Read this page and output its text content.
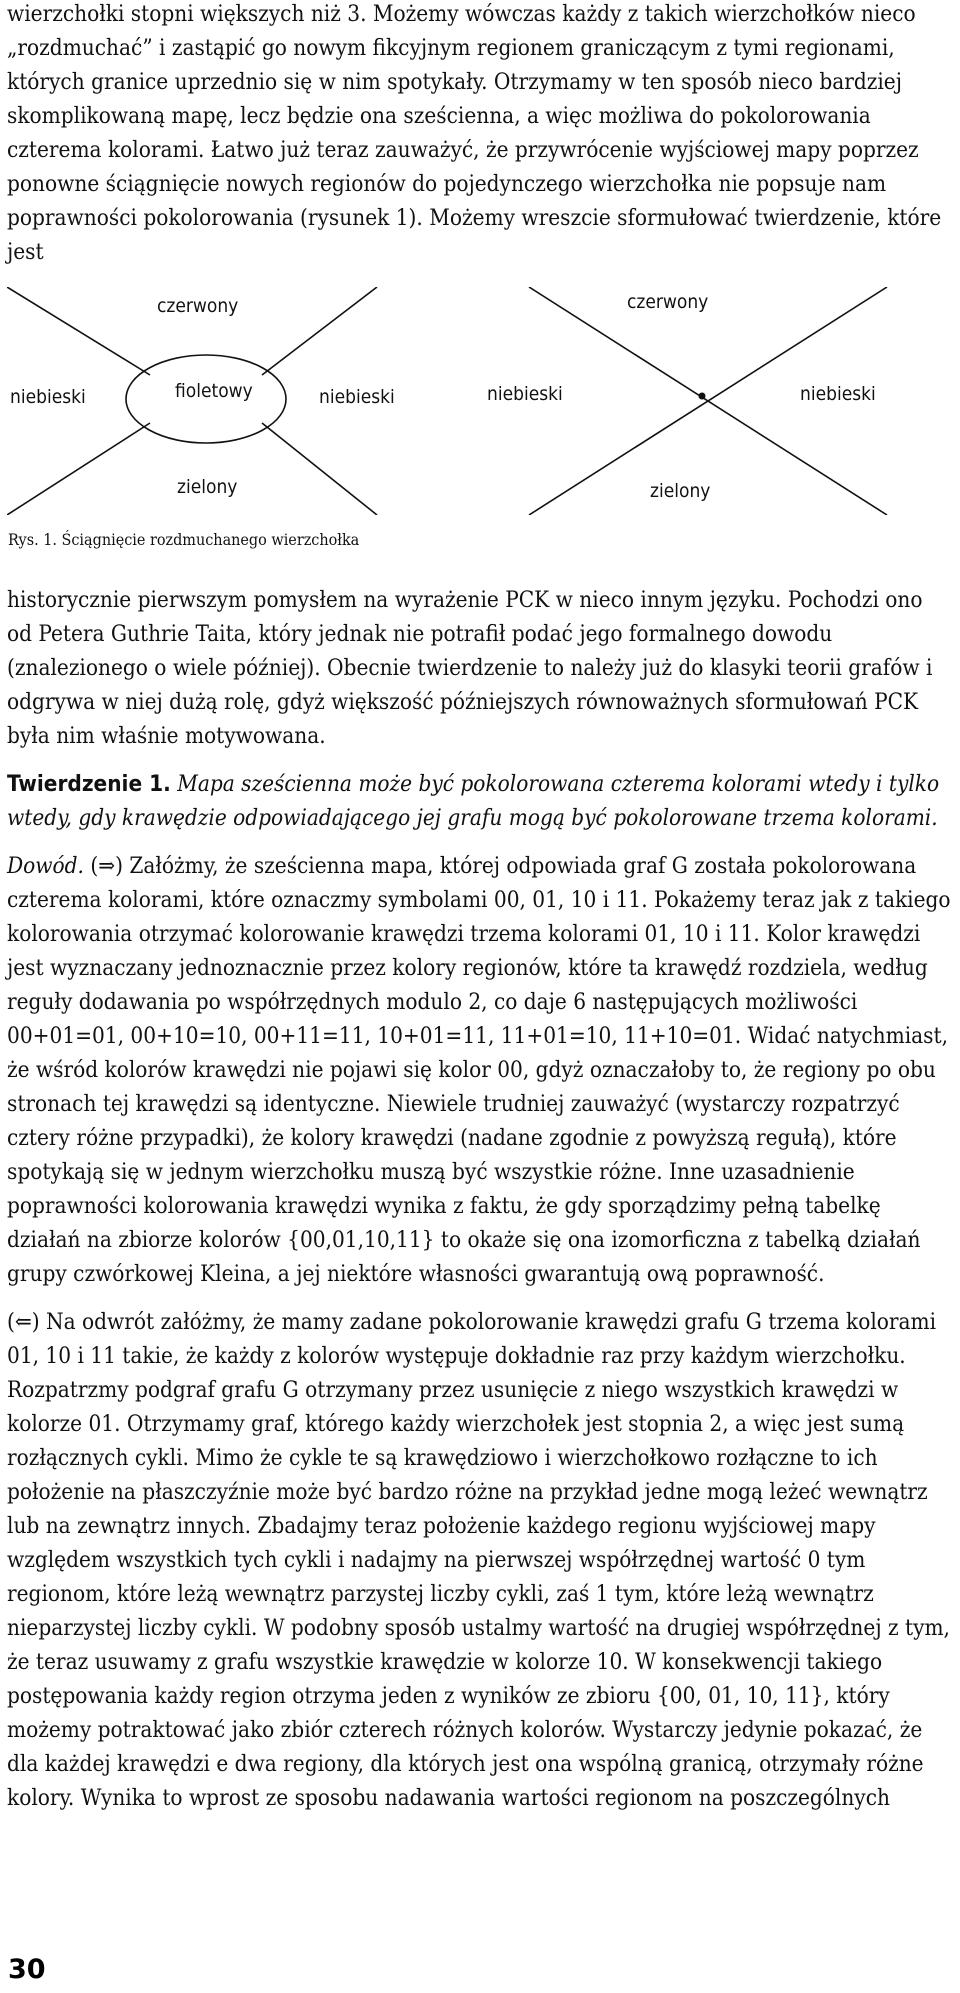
wierzchołki stopni większych niż 3. Możemy wówczas każdy z takich wierzchołków nieco „rozdmuchać” i zastąpić go nowym fikcyjnym regionem graniczącym z tymi regionami, których granice uprzednio się w nim spotykały. Otrzymamy w ten sposób nieco bardziej skomplikowaną mapę, lecz będzie ona sześcienna, a więc możliwa do pokolorowania czterema kolorami. Łatwo już teraz zauważyć, że przywrócenie wyjściowej mapy poprzez ponowne ściągnięcie nowych regionów do pojedynczego wierzchołka nie popsuje nam poprawności pokolorowania (rysunek 1). Możemy wreszcie sformułować twierdzenie, które jest

czerwony
niebieski	fioletowy	niebieski
zielony
czerwony
niebieski	niebieski
zielony

Rys. 1. Ściągnięcie rozdmuchanego wierzchołka

historycznie pierwszym pomysłem na wyrażenie PCK w nieco innym języku. Pochodzi ono od Petera Guthrie Taita, który jednak nie potrafił podać jego formalnego dowodu (znalezionego o wiele później). Obecnie twierdzenie to należy już do klasyki teorii grafów i odgrywa w niej dużą rolę, gdyż większość późniejszych równoważnych sformułowań PCK była nim właśnie motywowana.

Twierdzenie 1. Mapa sześcienna może być pokolorowana czterema kolorami wtedy i tylko wtedy, gdy krawędzie odpowiadającego jej grafu mogą być pokolorowane trzema kolorami.

Dowód. (⇒) Załóżmy, że sześcienna mapa, której odpowiada graf G została pokolorowana czterema kolorami, które oznaczmy symbolami 00, 01, 10 i 11. Pokażemy teraz jak z takiego kolorowania otrzymać kolorowanie krawędzi trzema kolorami 01, 10 i 11. Kolor krawędzi jest wyznaczany jednoznacznie przez kolory regionów, które ta krawędź rozdziela, według reguły dodawania po współrzędnych modulo 2, co daje 6 następujących możliwości 00+01=01, 00+10=10, 00+11=11, 10+01=11, 11+01=10, 11+10=01. Widać natychmiast, że wśród kolorów krawędzi nie pojawi się kolor 00, gdyż oznaczałoby to, że regiony po obu stronach tej krawędzi są identyczne. Niewiele trudniej zauważyć (wystarczy rozpatrzyć cztery różne przypadki), że kolory krawędzi (nadane zgodnie z powyższą regułą), które spotykają się w jednym wierzchołku muszą być wszystkie różne. Inne uzasadnienie poprawności kolorowania krawędzi wynika z faktu, że gdy sporządzimy pełną tabelkę działań na zbiorze kolorów {00,01,10,11} to okaże się ona izomorficzna z tabelką działań grupy czwórkowej Kleina, a jej niektóre własności gwarantują ową poprawność.

(⇐) Na odwrót załóżmy, że mamy zadane pokolorowanie krawędzi grafu G trzema kolorami 01, 10 i 11 takie, że każdy z kolorów występuje dokładnie raz przy każdym wierzchołku. Rozpatrzmy podgraf grafu G otrzymany przez usunięcie z niego wszystkich krawędzi w kolorze 01. Otrzymamy graf, którego każdy wierzchołek jest stopnia 2, a więc jest sumą rozłącznych cykli. Mimo że cykle te są krawędziowo i wierzchołkowo rozłączne to ich położenie na płaszczyźnie może być bardzo różne na przykład jedne mogą leżeć wewnątrz lub na zewnątrz innych. Zbadajmy teraz położenie każdego regionu wyjściowej mapy względem wszystkich tych cykli i nadajmy na pierwszej współrzędnej wartość 0 tym regionom, które leżą wewnątrz parzystej liczby cykli, zaś 1 tym, które leżą wewnątrz nieparzystej liczby cykli. W podobny sposób ustalmy wartość na drugiej współrzędnej z tym, że teraz usuwamy z grafu wszystkie krawędzie w kolorze 10. W konsekwencji takiego postępowania każdy region otrzyma jeden z wyników ze zbioru {00, 01, 10, 11}, który możemy potraktować jako zbiór czterech różnych kolorów. Wystarczy jedynie pokazać, że dla każdej krawędzi e dwa regiony, dla których jest ona wspólną granicą, otrzymały różne kolory. Wynika to wprost ze sposobu nadawania wartości regionom na poszczególnych

30
